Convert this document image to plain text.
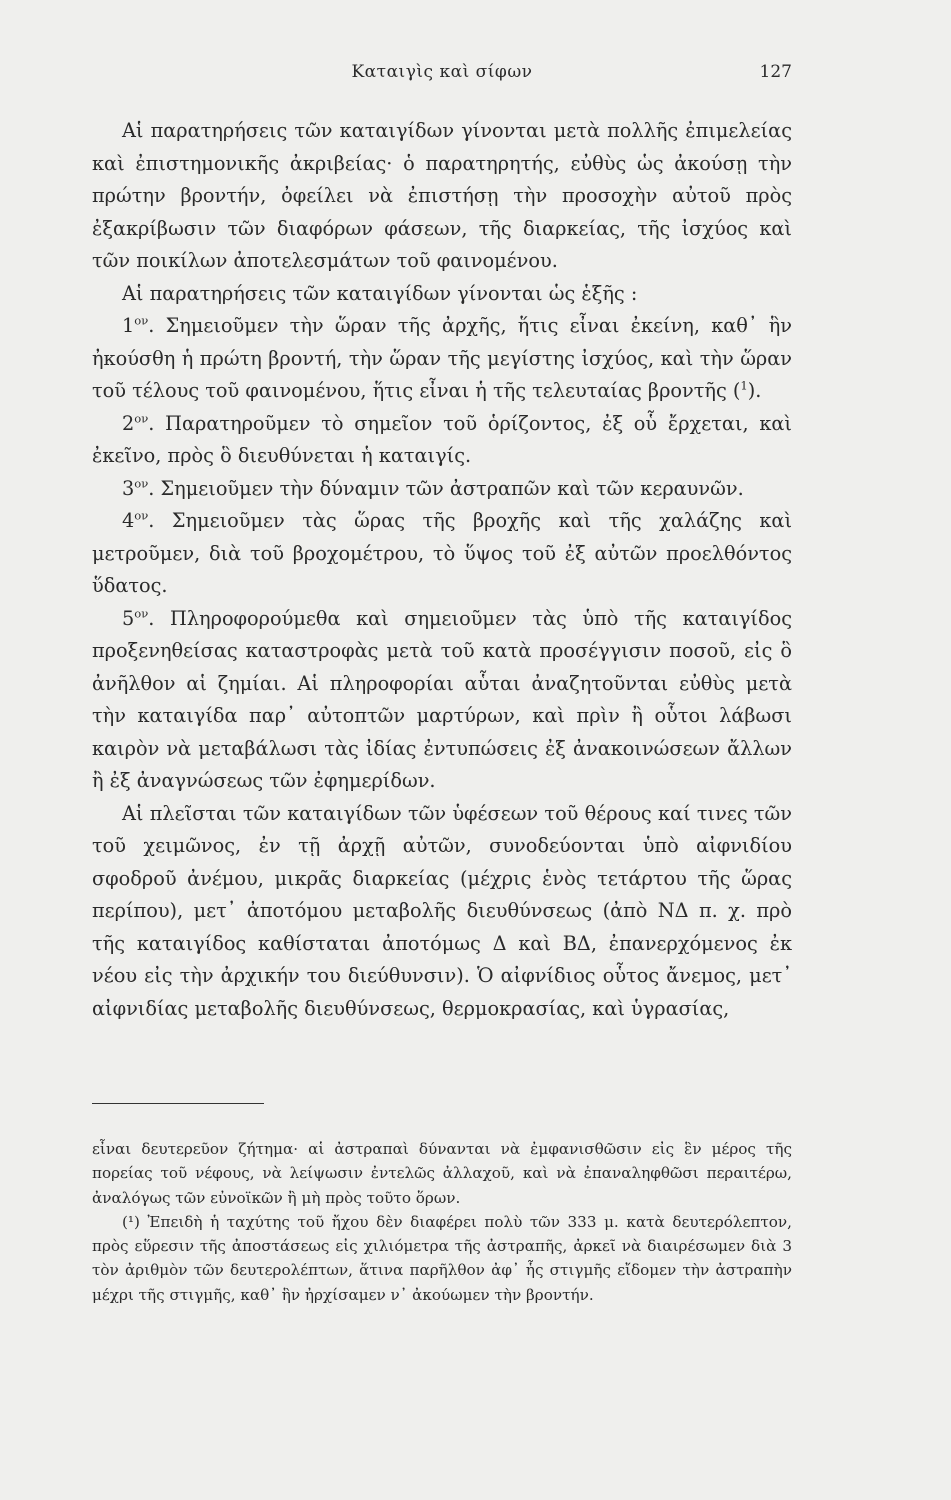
Καταιγὶς καὶ σίφων	127

Αἱ παρατηρήσεις τῶν καταιγίδων γίνονται μετὰ πολλῆς ἐπιμελείας καὶ ἐπιστημονικῆς ἀκριβείας· ὁ παρατηρητής, εὐθὺς ὡς ἀκούσῃ τὴν πρώτην βροντήν, ὀφείλει νὰ ἐπιστήσῃ τὴν προσοχὴν αὐτοῦ πρὸς ἐξακρίβωσιν τῶν διαφόρων φάσεων, τῆς διαρκείας, τῆς ἰσχύος καὶ τῶν ποικίλων ἀποτελεσμάτων τοῦ φαινομένου.

Αἱ παρατηρήσεις τῶν καταιγίδων γίνονται ὡς ἑξῆς :

$1^{o\nu}$. Σημειοῦμεν τὴν ὥραν τῆς ἀρχῆς, ἥτις εἶναι ἐκείνη, καθ᾽ ἣν ἠκούσθη ἡ πρώτη βροντή, τὴν ὥραν τῆς μεγίστης ἰσχύος, καὶ τὴν ὥραν τοῦ τέλους τοῦ φαινομένου, ἥτις εἶναι ἡ τῆς τελευταίας βροντῆς ($^1$).

$2^{o\nu}$. Παρατηροῦμεν τὸ σημεῖον τοῦ ὁρίζοντος, ἐξ οὗ ἔρχεται, καὶ ἐκεῖνο, πρὸς ὃ διευθύνεται ἡ καταιγίς.

$3^{o\nu}$. Σημειοῦμεν τὴν δύναμιν τῶν ἀστραπῶν καὶ τῶν κεραυνῶν.

$4^{o\nu}$. Σημειοῦμεν τὰς ὥρας τῆς βροχῆς καὶ τῆς χαλάζης καὶ μετροῦμεν, διὰ τοῦ βροχομέτρου, τὸ ὕψος τοῦ ἐξ αὐτῶν προελθόντος ὕδατος.

$5^{o\nu}$. Πληροφορούμεθα καὶ σημειοῦμεν τὰς ὑπὸ τῆς καταιγίδος προξενηθείσας καταστροφὰς μετὰ τοῦ κατὰ προσέγγισιν ποσοῦ, εἰς ὃ ἀνῆλθον αἱ ζημίαι. Αἱ πληροφορίαι αὗται ἀναζητοῦνται εὐθὺς μετὰ τὴν καταιγίδα παρ᾽ αὐτοπτῶν μαρτύρων, καὶ πρὶν ἢ οὗτοι λάβωσι καιρὸν νὰ μεταβάλωσι τὰς ἰδίας ἐντυπώσεις ἐξ ἀνακοινώσεων ἄλλων ἢ ἐξ ἀναγνώσεως τῶν ἐφημερίδων.

Αἱ πλεῖσται τῶν καταιγίδων τῶν ὑφέσεων τοῦ θέρους καί τινες τῶν τοῦ χειμῶνος, ἐν τῇ ἀρχῇ αὐτῶν, συνοδεύονται ὑπὸ αἰφνιδίου σφοδροῦ ἀνέμου, μικρᾶς διαρκείας (μέχρις ἑνὸς τετάρτου τῆς ὥρας περίπου), μετ᾽ ἀποτόμου μεταβολῆς διευθύνσεως (ἀπὸ ΝΔ π. χ. πρὸ τῆς καταιγίδος καθίσταται ἀποτόμως Δ καὶ ΒΔ, ἐπανερχόμενος ἐκ νέου εἰς τὴν ἀρχικήν του διεύθυνσιν). Ὁ αἰφνίδιος οὗτος ἄνεμος, μετ᾽ αἰφνιδίας μεταβολῆς διευθύνσεως, θερμοκρασίας, καὶ ὑγρασίας,

εἶναι δευτερεῦον ζήτημα· αἱ ἀστραπαὶ δύνανται νὰ ἐμφανισθῶσιν εἰς ἓν μέρος τῆς πορείας τοῦ νέφους, νὰ λείψωσιν ἐντελῶς ἀλλαχοῦ, καὶ νὰ ἐπαναληφθῶσι περαιτέρω, ἀναλόγως τῶν εὐνοϊκῶν ἢ μὴ πρὸς τοῦτο ὅρων.

(¹) Ἐπειδὴ ἡ ταχύτης τοῦ ἤχου δὲν διαφέρει πολὺ τῶν 333 μ. κατὰ δευτερόλεπτον, πρὸς εὕρεσιν τῆς ἀποστάσεως εἰς χιλιόμετρα τῆς ἀστραπῆς, ἀρκεῖ νὰ διαιρέσωμεν διὰ 3 τὸν ἀριθμὸν τῶν δευτερολέπτων, ἅτινα παρῆλθον ἀφ᾽ ἧς στιγμῆς εἴδομεν τὴν ἀστραπὴν μέχρι τῆς στιγμῆς, καθ᾽ ἣν ἠρχίσαμεν ν᾽ ἀκούωμεν τὴν βροντήν.
